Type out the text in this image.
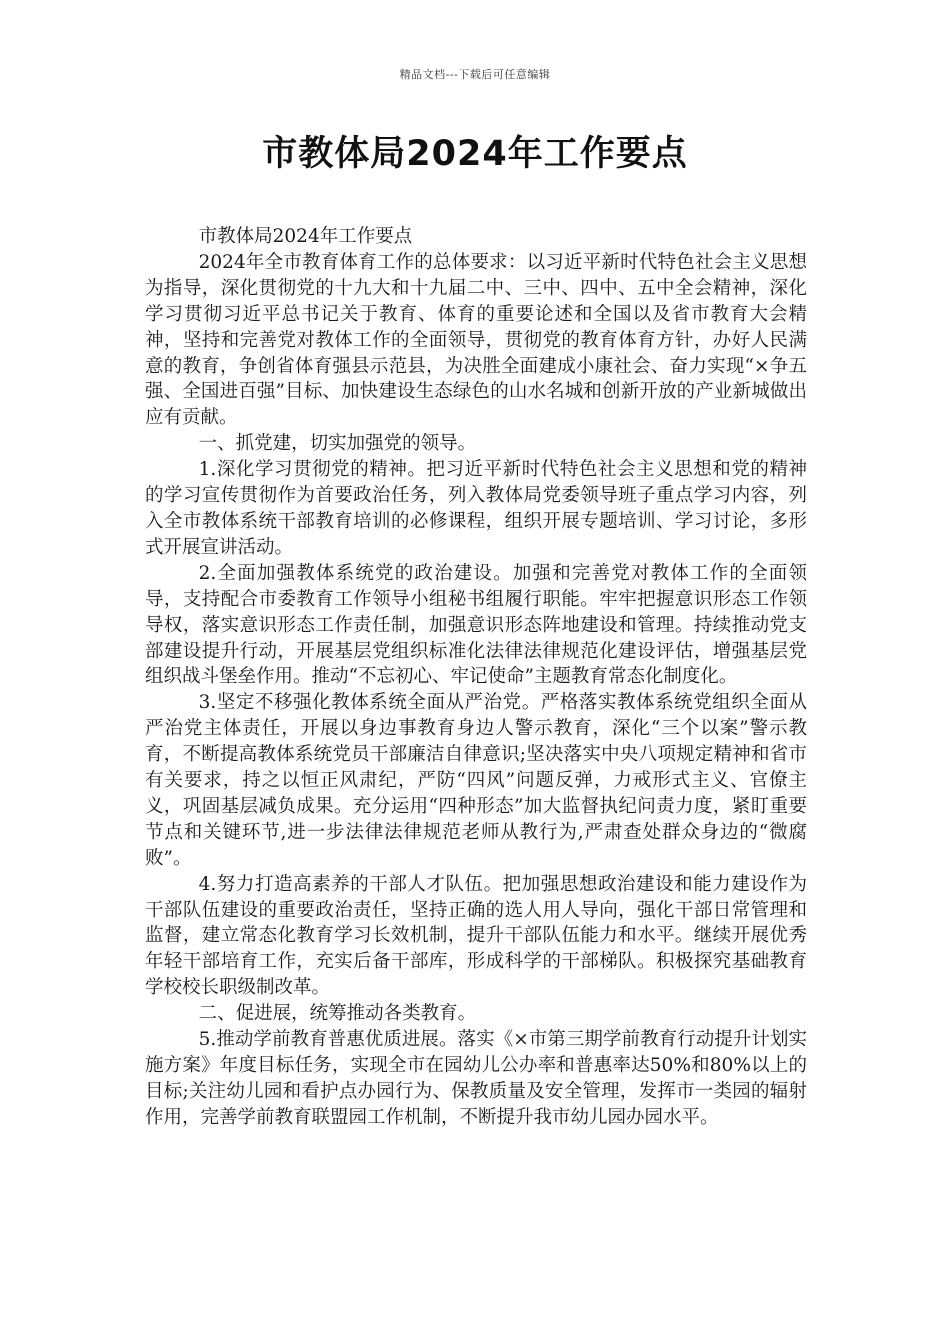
精品文档---下载后可任意编辑
市教体局2024年工作要点

市教体局2024年工作要点

2024年全市教育体育工作的总体要求：以习近平新时代特色社会主义思想为指导，深化贯彻党的十九大和十九届二中、三中、四中、五中全会精神，深化学习贯彻习近平总书记关于教育、体育的重要论述和全国以及省市教育大会精神，坚持和完善党对教体工作的全面领导，贯彻党的教育体育方针，办好人民满意的教育，争创省体育强县示范县，为决胜全面建成小康社会、奋力实现“×争五强、全国进百强”目标、加快建设生态绿色的山水名城和创新开放的产业新城做出应有贡献。

一、抓党建，切实加强党的领导。

1.深化学习贯彻党的精神。把习近平新时代特色社会主义思想和党的精神的学习宣传贯彻作为首要政治任务，列入教体局党委领导班子重点学习内容，列入全市教体系统干部教育培训的必修课程，组织开展专题培训、学习讨论，多形式开展宣讲活动。

2.全面加强教体系统党的政治建设。加强和完善党对教体工作的全面领导，支持配合市委教育工作领导小组秘书组履行职能。牢牢把握意识形态工作领导权，落实意识形态工作责任制，加强意识形态阵地建设和管理。持续推动党支部建设提升行动，开展基层党组织标准化法律法律规范化建设评估，增强基层党组织战斗堡垒作用。推动“不忘初心、牢记使命”主题教育常态化制度化。

3.坚定不移强化教体系统全面从严治党。严格落实教体系统党组织全面从严治党主体责任，开展以身边事教育身边人警示教育，深化“三个以案”警示教育，不断提高教体系统党员干部廉洁自律意识;坚决落实中央八项规定精神和省市有关要求，持之以恒正风肃纪，严防“四风”问题反弹，力戒形式主义、官僚主义，巩固基层减负成果。充分运用“四种形态”加大监督执纪问责力度，紧盯重要节点和关键环节,进一步法律法律规范老师从教行为,严肃查处群众身边的“微腐败”。

4.努力打造高素养的干部人才队伍。把加强思想政治建设和能力建设作为干部队伍建设的重要政治责任，坚持正确的选人用人导向，强化干部日常管理和监督，建立常态化教育学习长效机制，提升干部队伍能力和水平。继续开展优秀年轻干部培育工作，充实后备干部库，形成科学的干部梯队。积极探究基础教育学校校长职级制改革。

二、促进展，统筹推动各类教育。

5.推动学前教育普惠优质进展。落实《×市第三期学前教育行动提升计划实施方案》年度目标任务，实现全市在园幼儿公办率和普惠率达50%和80%以上的目标;关注幼儿园和看护点办园行为、保教质量及安全管理，发挥市一类园的辐射作用，完善学前教育联盟园工作机制，不断提升我市幼儿园办园水平。
